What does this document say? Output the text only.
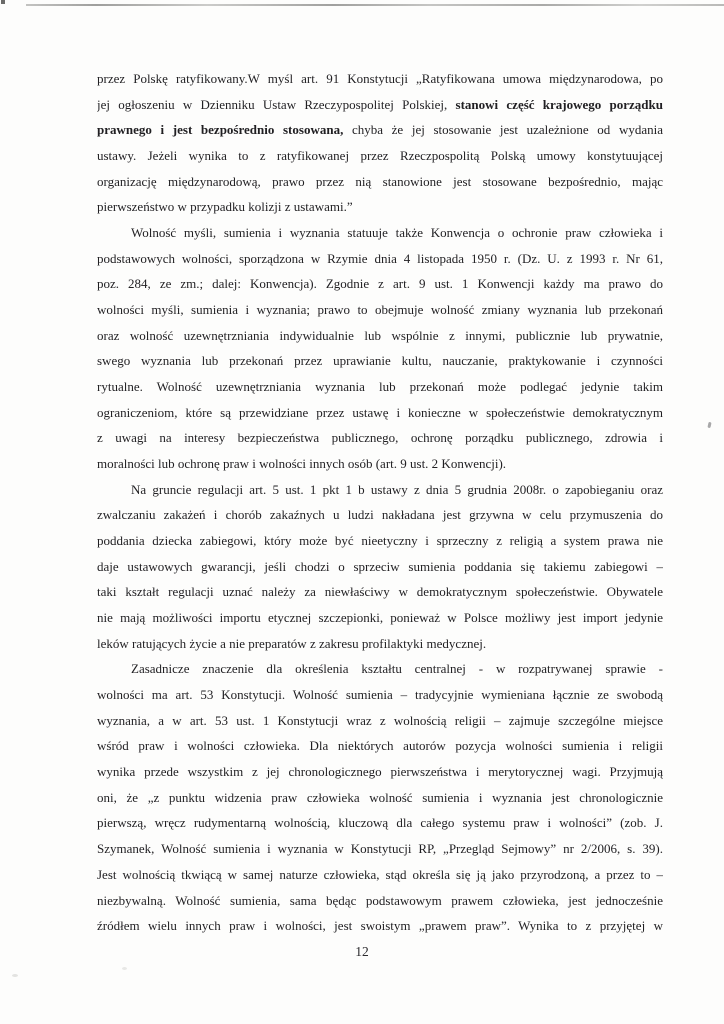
przez Polskę ratyfikowany.W myśl art. 91 Konstytucji „Ratyfikowana umowa międzynarodowa, po
jej ogłoszeniu w Dzienniku Ustaw Rzeczypospolitej Polskiej, stanowi część krajowego porządku
prawnego i jest bezpośrednio stosowana, chyba że jej stosowanie jest uzależnione od wydania
ustawy. Jeżeli wynika to z ratyfikowanej przez Rzeczpospolitą Polską umowy konstytuującej
organizację międzynarodową, prawo przez nią stanowione jest stosowane bezpośrednio, mając
pierwszeństwo w przypadku kolizji z ustawami.”
Wolność myśli, sumienia i wyznania statuuje także Konwencja o ochronie praw człowieka i
podstawowych wolności, sporządzona w Rzymie dnia 4 listopada 1950 r. (Dz. U. z 1993 r. Nr 61,
poz. 284, ze zm.; dalej: Konwencja). Zgodnie z art. 9 ust. 1 Konwencji każdy ma prawo do
wolności myśli, sumienia i wyznania; prawo to obejmuje wolność zmiany wyznania lub przekonań
oraz wolność uzewnętrzniania indywidualnie lub wspólnie z innymi, publicznie lub prywatnie,
swego wyznania lub przekonań przez uprawianie kultu, nauczanie, praktykowanie i czynności
rytualne. Wolność uzewnętrzniania wyznania lub przekonań może podlegać jedynie takim
ograniczeniom, które są przewidziane przez ustawę i konieczne w społeczeństwie demokratycznym
z uwagi na interesy bezpieczeństwa publicznego, ochronę porządku publicznego, zdrowia i
moralności lub ochronę praw i wolności innych osób (art. 9 ust. 2 Konwencji).
Na gruncie regulacji art. 5 ust. 1 pkt 1 b ustawy z dnia 5 grudnia 2008r. o zapobieganiu oraz
zwalczaniu zakażeń i chorób zakaźnych u ludzi nakładana jest grzywna w celu przymuszenia do
poddania dziecka zabiegowi, który może być nieetyczny i sprzeczny z religią a system prawa nie
daje ustawowych gwarancji, jeśli chodzi o sprzeciw sumienia poddania się takiemu zabiegowi –
taki kształt regulacji uznać należy za niewłaściwy w demokratycznym społeczeństwie. Obywatele
nie mają możliwości importu etycznej szczepionki, ponieważ w Polsce możliwy jest import jedynie
leków ratujących życie a nie preparatów z zakresu profilaktyki medycznej.
Zasadnicze znaczenie dla określenia kształtu centralnej - w rozpatrywanej sprawie -
wolności ma art. 53 Konstytucji. Wolność sumienia – tradycyjnie wymieniana łącznie ze swobodą
wyznania, a w art. 53 ust. 1 Konstytucji wraz z wolnością religii – zajmuje szczególne miejsce
wśród praw i wolności człowieka. Dla niektórych autorów pozycja wolności sumienia i religii
wynika przede wszystkim z jej chronologicznego pierwszeństwa i merytorycznej wagi. Przyjmują
oni, że „z punktu widzenia praw człowieka wolność sumienia i wyznania jest chronologicznie
pierwszą, wręcz rudymentarną wolnością, kluczową dla całego systemu praw i wolności” (zob. J.
Szymanek, Wolność sumienia i wyznania w Konstytucji RP, „Przegląd Sejmowy” nr 2/2006, s. 39).
Jest wolnością tkwiącą w samej naturze człowieka, stąd określa się ją jako przyrodzoną, a przez to –
niezbywalną. Wolność sumienia, sama będąc podstawowym prawem człowieka, jest jednocześnie
źródłem wielu innych praw i wolności, jest swoistym „prawem praw”. Wynika to z przyjętej w
12
